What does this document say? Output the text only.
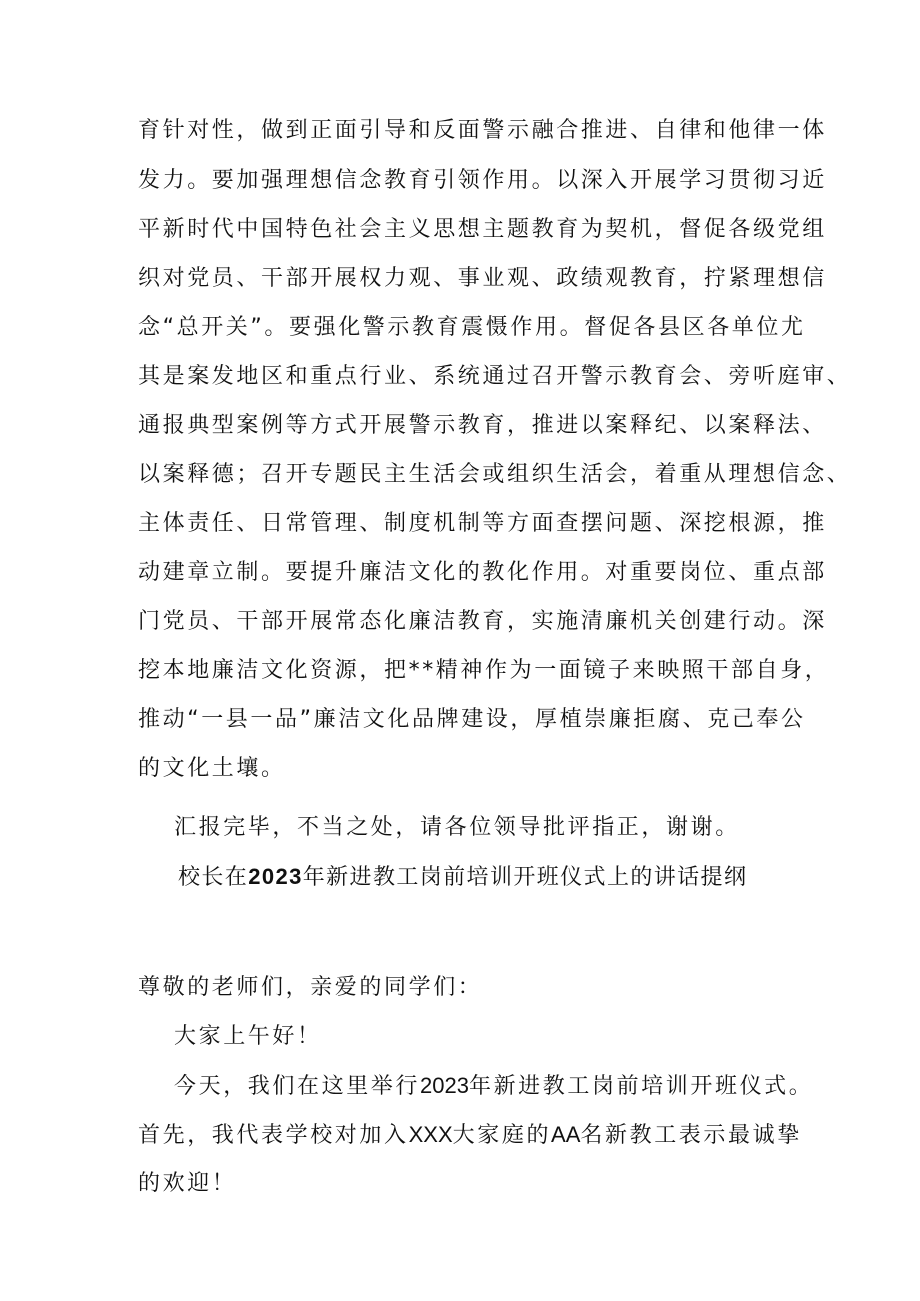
育针对性，做到正面引导和反面警示融合推进、自律和他律一体
发力。要加强理想信念教育引领作用。以深入开展学习贯彻习近
平新时代中国特色社会主义思想主题教育为契机，督促各级党组
织对党员、干部开展权力观、事业观、政绩观教育，拧紧理想信
念“总开关”。要强化警示教育震慑作用。督促各县区各单位尤
其是案发地区和重点行业、系统通过召开警示教育会、旁听庭审、
通报典型案例等方式开展警示教育，推进以案释纪、以案释法、
以案释德；召开专题民主生活会或组织生活会，着重从理想信念、
主体责任、日常管理、制度机制等方面查摆问题、深挖根源，推
动建章立制。要提升廉洁文化的教化作用。对重要岗位、重点部
门党员、干部开展常态化廉洁教育，实施清廉机关创建行动。深
挖本地廉洁文化资源，把**精神作为一面镜子来映照干部自身，
推动“一县一品”廉洁文化品牌建设，厚植崇廉拒腐、克己奉公
的文化土壤。
汇报完毕，不当之处，请各位领导批评指正，谢谢。
校长在2023年新进教工岗前培训开班仪式上的讲话提纲
尊敬的老师们，亲爱的同学们：
大家上午好！
今天，我们在这里举行2023年新进教工岗前培训开班仪式。
首先，我代表学校对加入XXX大家庭的AA名新教工表示最诚挚
的欢迎！
